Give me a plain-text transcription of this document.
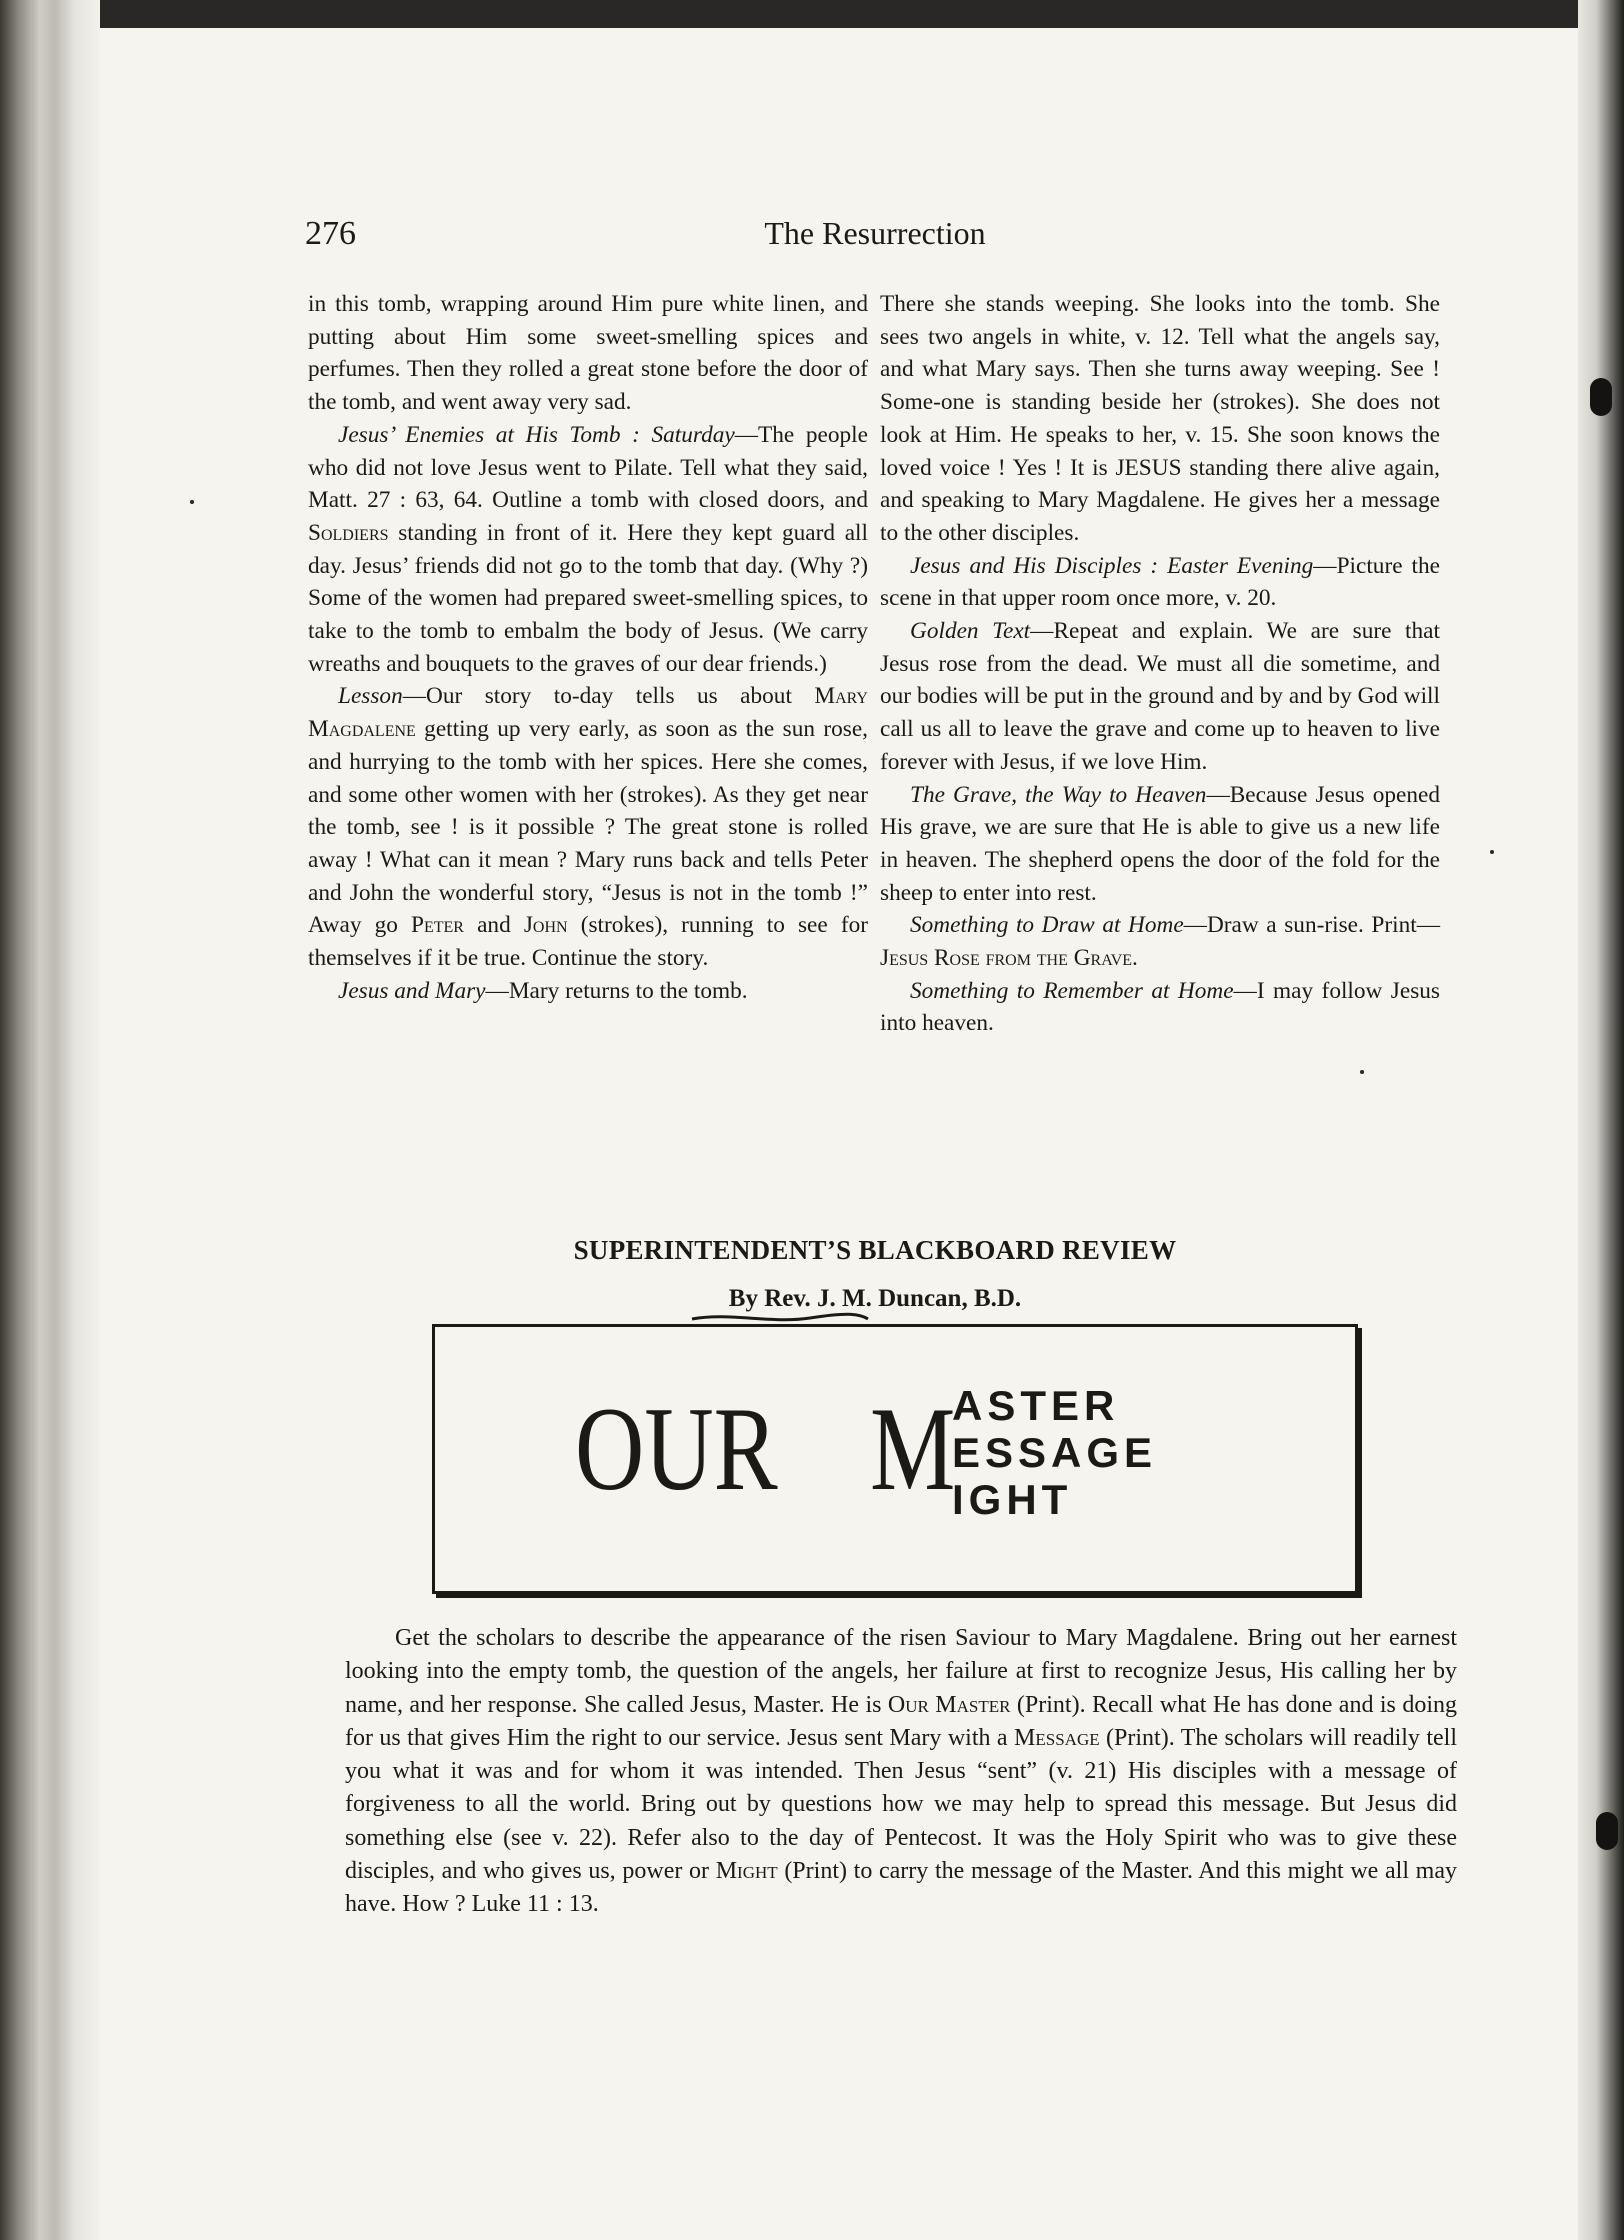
276	The Resurrection

in this tomb, wrapping around Him pure white linen, and putting about Him some sweet-smelling spices and perfumes. Then they rolled a great stone before the door of the tomb, and went away very sad.

Jesus’ Enemies at His Tomb : Saturday—The people who did not love Jesus went to Pilate. Tell what they said, Matt. 27 : 63, 64. Outline a tomb with closed doors, and Soldiers standing in front of it. Here they kept guard all day. Jesus’ friends did not go to the tomb that day. (Why ?) Some of the women had prepared sweet-smelling spices, to take to the tomb to embalm the body of Jesus. (We carry wreaths and bouquets to the graves of our dear friends.)

Lesson—Our story to-day tells us about Mary Magdalene getting up very early, as soon as the sun rose, and hurrying to the tomb with her spices. Here she comes, and some other women with her (strokes). As they get near the tomb, see ! is it possible ? The great stone is rolled away ! What can it mean ? Mary runs back and tells Peter and John the wonderful story, “Jesus is not in the tomb !” Away go Peter and John (strokes), running to see for themselves if it be true. Continue the story.

Jesus and Mary—Mary returns to the tomb.

There she stands weeping. She looks into the tomb. She sees two angels in white, v. 12. Tell what the angels say, and what Mary says. Then she turns away weeping. See ! Some-one is standing beside her (strokes). She does not look at Him. He speaks to her, v. 15. She soon knows the loved voice ! Yes ! It is JESUS standing there alive again, and speaking to Mary Magdalene. He gives her a message to the other disciples.

Jesus and His Disciples : Easter Evening—Picture the scene in that upper room once more, v. 20.

Golden Text—Repeat and explain. We are sure that Jesus rose from the dead. We must all die sometime, and our bodies will be put in the ground and by and by God will call us all to leave the grave and come up to heaven to live forever with Jesus, if we love Him.

The Grave, the Way to Heaven—Because Jesus opened His grave, we are sure that He is able to give us a new life in heaven. The shepherd opens the door of the fold for the sheep to enter into rest.

Something to Draw at Home—Draw a sun-rise. Print—Jesus Rose from the Grave.

Something to Remember at Home—I may follow Jesus into heaven.

SUPERINTENDENT’S BLACKBOARD REVIEW
By Rev. J. M. Duncan, B.D.
OUR M
ASTER
ESSAGE
IGHT

Get the scholars to describe the appearance of the risen Saviour to Mary Magdalene. Bring out her earnest looking into the empty tomb, the question of the angels, her failure at first to recognize Jesus, His calling her by name, and her response. She called Jesus, Master. He is Our Master (Print). Recall what He has done and is doing for us that gives Him the right to our service. Jesus sent Mary with a Message (Print). The scholars will readily tell you what it was and for whom it was intended. Then Jesus “sent” (v. 21) His disciples with a message of forgiveness to all the world. Bring out by questions how we may help to spread this message. But Jesus did something else (see v. 22). Refer also to the day of Pentecost. It was the Holy Spirit who was to give these disciples, and who gives us, power or Might (Print) to carry the message of the Master. And this might we all may have. How ? Luke 11 : 13.
